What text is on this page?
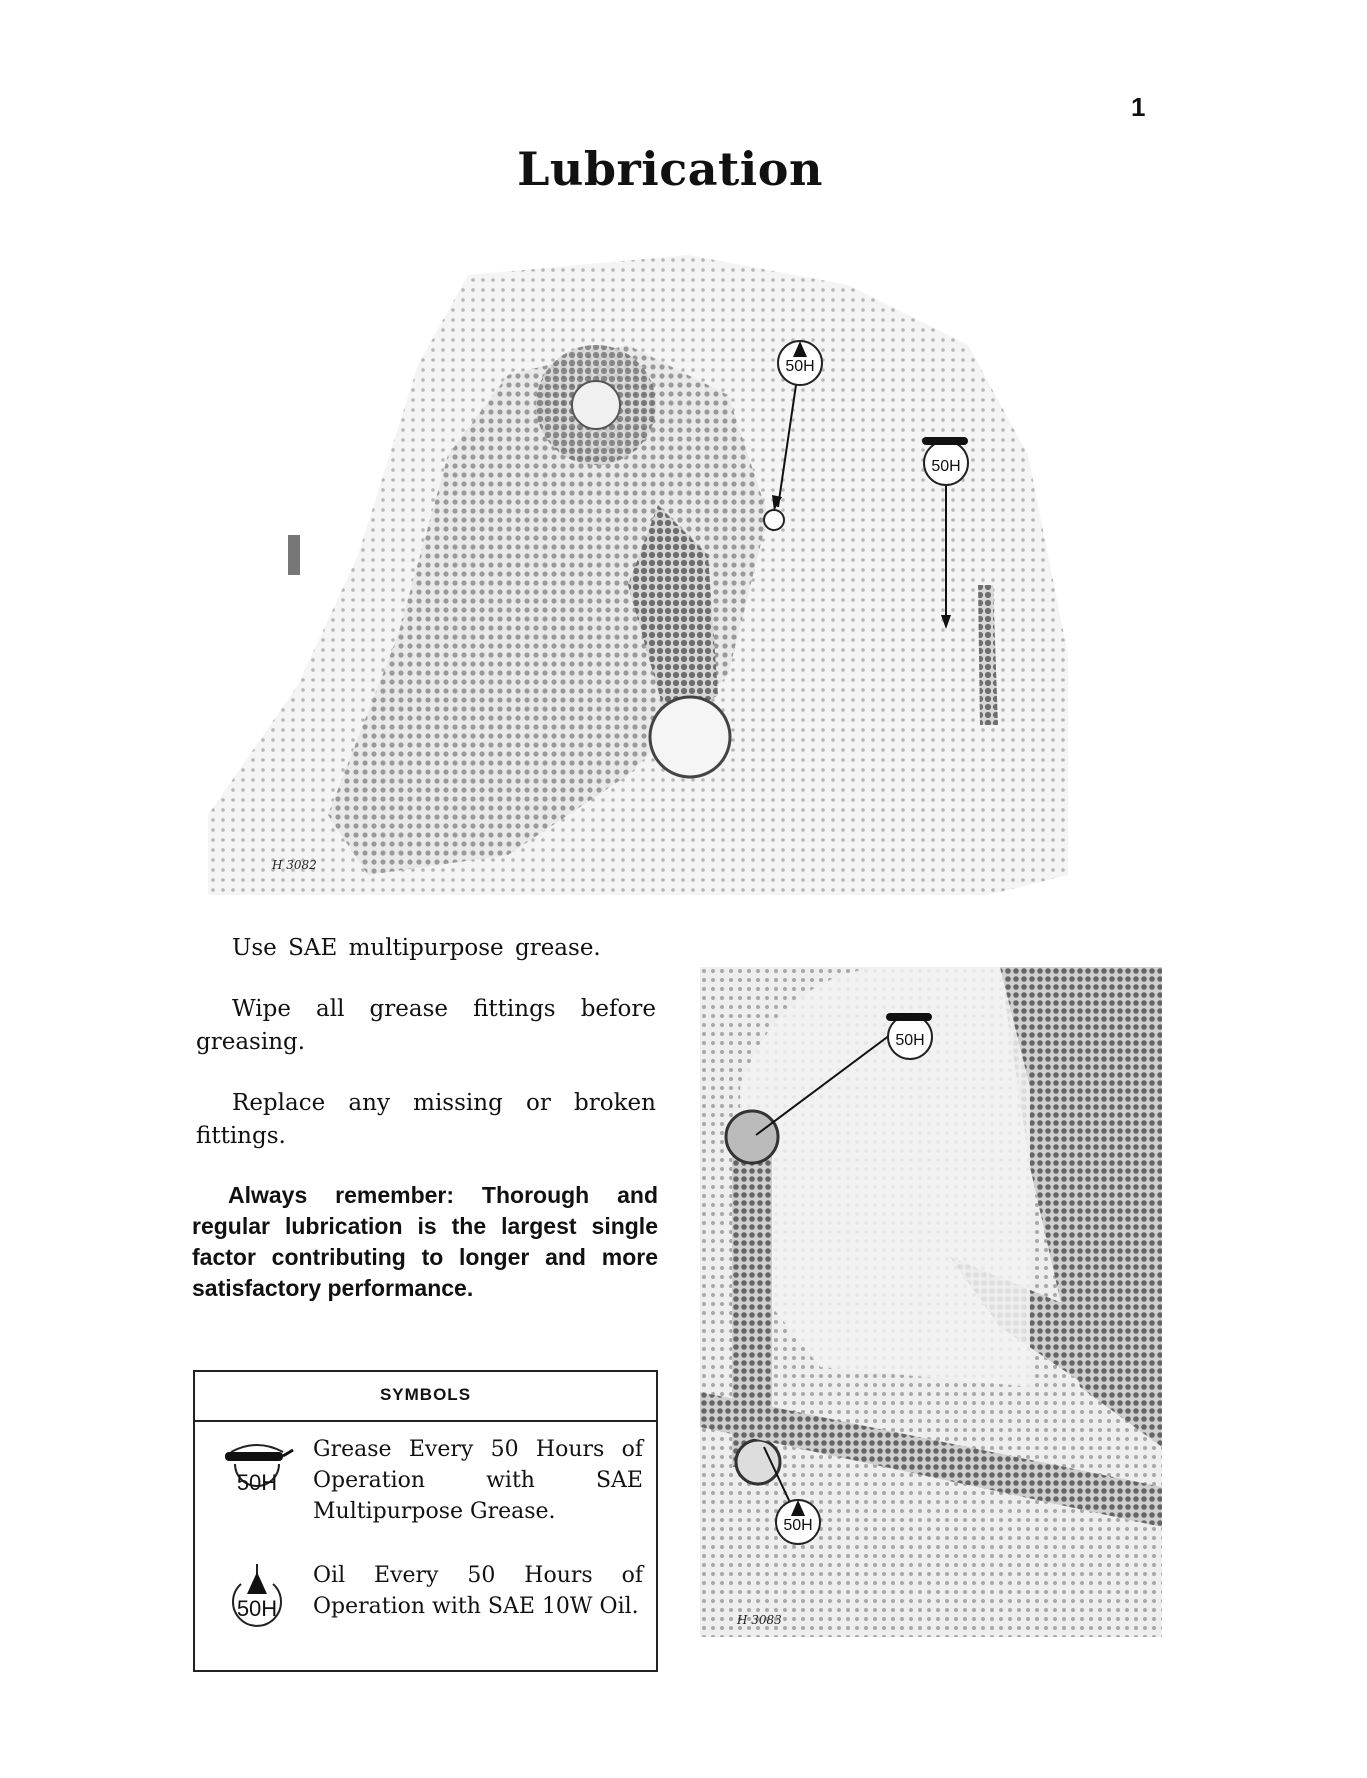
1
Lubrication
50H
50H
H 3082
Use SAE multipurpose grease.
Wipe all grease fittings before greasing.
Replace any missing or broken fittings.
Always remember: Thorough and regular lubrication is the largest single factor contributing to longer and more satisfactory performance.
SYMBOLS
50H
Grease Every 50 Hours of Operation with SAE Multipurpose Grease.
50H
Oil Every 50 Hours of Operation with SAE 10W Oil.
50H
50H
H 3083
